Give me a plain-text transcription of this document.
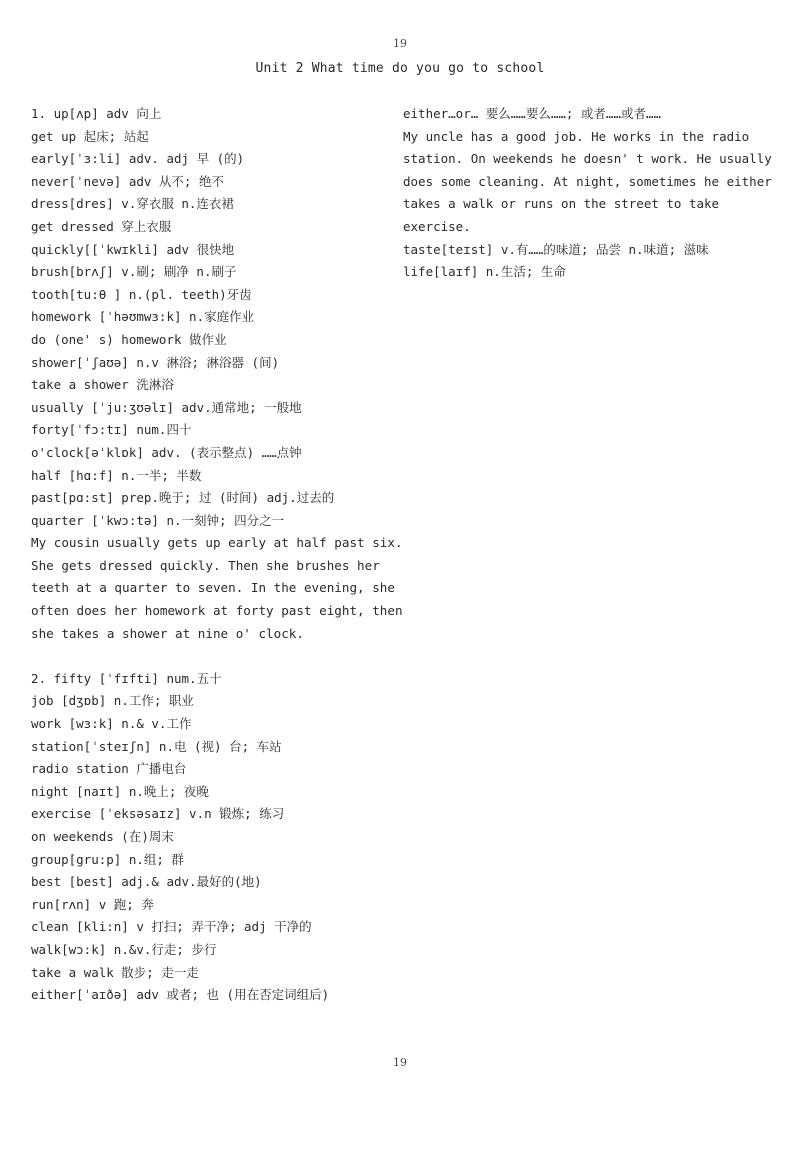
19
Unit 2 What time do you go to school
1. up[ʌp] adv 向上
get up 起床; 站起
early[ˈɜ:li] adv. adj 早 (的)
never[ˈnevə] adv 从不; 绝不
dress[dres] v.穿衣服 n.连衣裙
get dressed 穿上衣服
quickly[[ˈkwɪkli] adv 很快地
brush[brʌʃ] v.刷; 刷净 n.刷子
tooth[tu:θ ] n.(pl. teeth)牙齿
homework [ˈhəʊmwɜ:k] n.家庭作业
do (one' s) homework 做作业
shower[ˈʃaʊə] n.v 淋浴; 淋浴器 (间)
take a shower 洗淋浴
usually [ˈju:ʒʊəlɪ] adv.通常地; 一般地
forty[ˈfɔ:tɪ] num.四十
o'clock[əˈklɒk] adv. (表示整点) ……点钟
half [hɑ:f] n.一半; 半数
past[pɑ:st] prep.晚于; 过 (时间) adj.过去的
quarter [ˈkwɔ:tə] n.一刻钟; 四分之一
My cousin usually gets up early at half past six.
She gets dressed quickly. Then she brushes her
teeth at a quarter to seven. In the evening, she
often does her homework at forty past eight, then
she takes a shower at nine o' clock.
2. fifty [ˈfɪfti] num.五十
job [dʒɒb] n.工作; 职业
work [wɜ:k] n.& v.工作
station[ˈsteɪʃn] n.电 (视) 台; 车站
radio station 广播电台
night [naɪt] n.晚上; 夜晚
exercise [ˈeksəsaɪz] v.n 锻炼; 练习
on weekends (在)周末
group[gru:p] n.组; 群
best [best] adj.& adv.最好的(地)
run[rʌn] v 跑; 奔
clean [kli:n] v 打扫; 弄干净; adj 干净的
walk[wɔ:k] n.&v.行走; 步行
take a walk 散步; 走一走
either[ˈaɪðə] adv 或者; 也 (用在否定词组后)
either…or… 要么……要么……; 或者……或者……
My uncle has a good job. He works in the radio
station. On weekends he doesn' t work. He usually
does some cleaning. At night, sometimes he either
takes a walk or runs on the street to take
exercise.
taste[teɪst] v.有……的味道; 品尝 n.味道; 滋味
life[laɪf] n.生活; 生命
19
